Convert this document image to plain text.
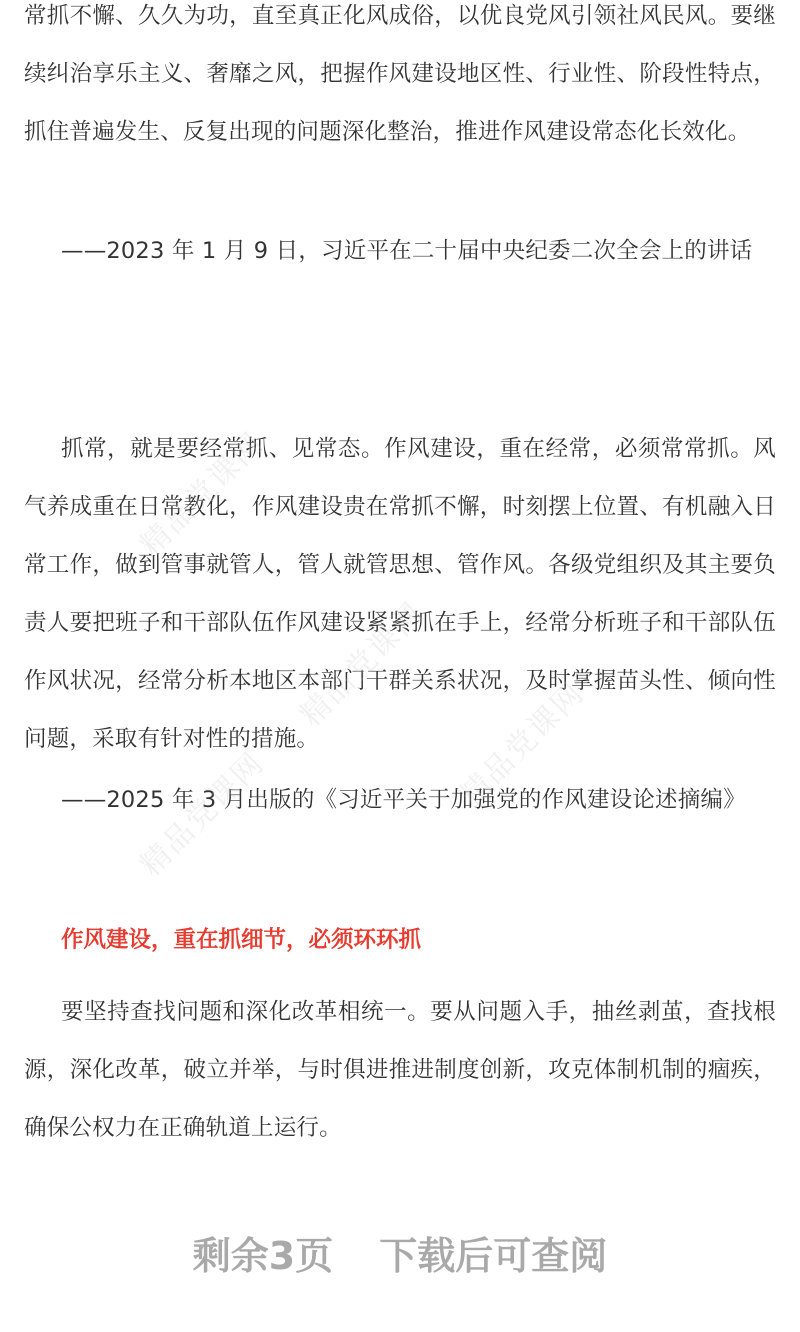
常抓不懈、久久为功，直至真正化风成俗，以优良党风引领社风民风。要继续纠治享乐主义、奢靡之风，把握作风建设地区性、行业性、阶段性特点，抓住普遍发生、反复出现的问题深化整治，推进作风建设常态化长效化。

——2023 年 1 月 9 日，习近平在二十届中央纪委二次全会上的讲话

抓常，就是要经常抓、见常态。作风建设，重在经常，必须常常抓。风气养成重在日常教化，作风建设贵在常抓不懈，时刻摆上位置、有机融入日常工作，做到管事就管人，管人就管思想、管作风。各级党组织及其主要负责人要把班子和干部队伍作风建设紧紧抓在手上，经常分析班子和干部队伍作风状况，经常分析本地区本部门干群关系状况，及时掌握苗头性、倾向性问题，采取有针对性的措施。

——2025 年 3 月出版的《习近平关于加强党的作风建设论述摘编》

作风建设，重在抓细节，必须环环抓

要坚持查找问题和深化改革相统一。要从问题入手，抽丝剥茧，查找根源，深化改革，破立并举，与时俱进推进制度创新，攻克体制机制的痼疾，确保公权力在正确轨道上运行。

剩余3页 下载后可查阅
精品党课网
精品党课网
精品党课网
精品党课网
